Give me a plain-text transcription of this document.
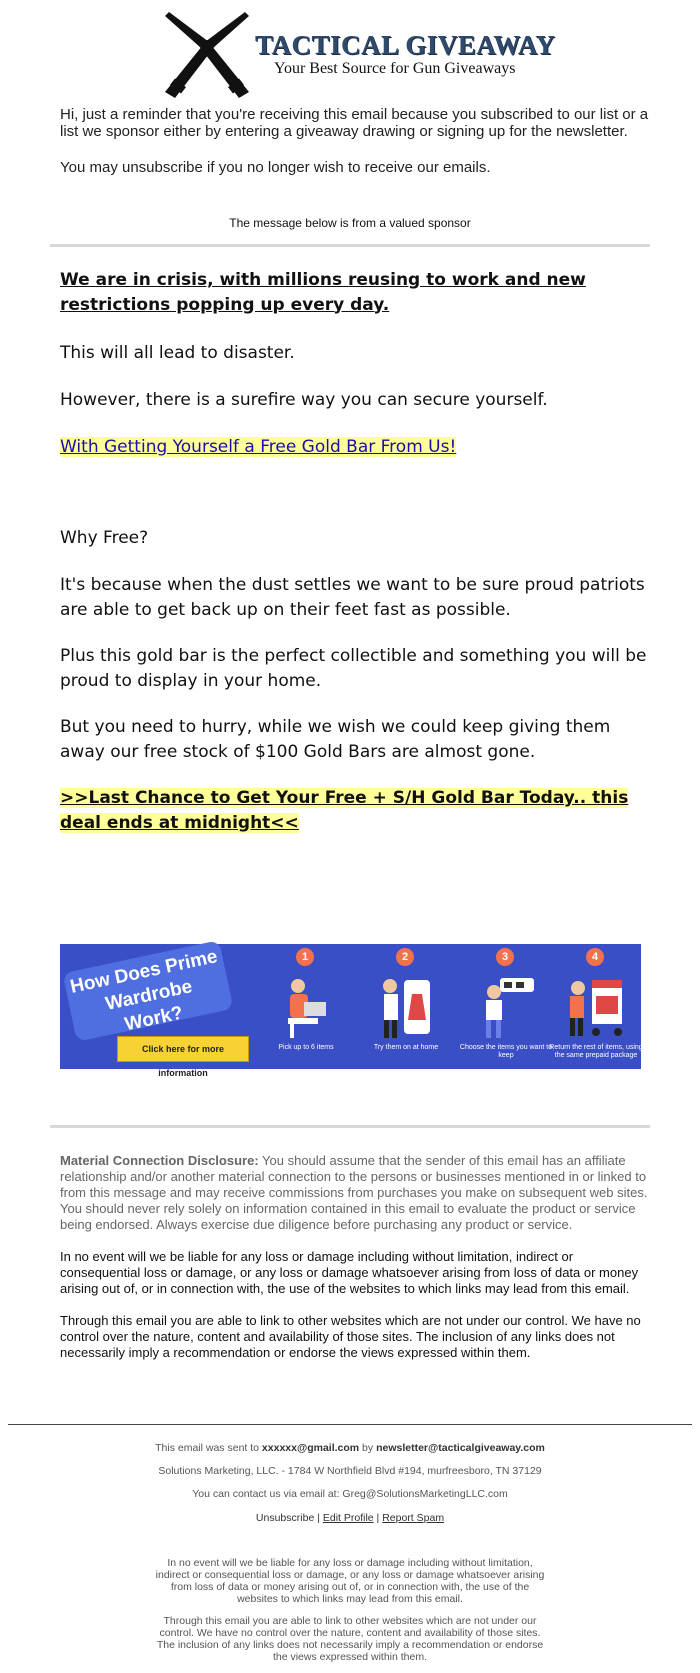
TACTICAL GIVEAWAY
Your Best Source for Gun Giveaways

Hi, just a reminder that you're receiving this email because you subscribed to our list or a list we sponsor either by entering a giveaway drawing or signing up for the newsletter.

You may unsubscribe if you no longer wish to receive our emails.

The message below is from a valued sponsor

We are in crisis, with millions reusing to work and new restrictions popping up every day.

This will all lead to disaster.

However, there is a surefire way you can secure yourself.

With Getting Yourself a Free Gold Bar From Us!

Why Free?

It's because when the dust settles we want to be sure proud patriots are able to get back up on their feet fast as possible.

Plus this gold bar is the perfect collectible and something you will be proud to display in your home.

But you need to hurry, while we wish we could keep giving them away our free stock of $100 Gold Bars are almost gone.

>>Last Chance to Get Your Free + S/H Gold Bar Today.. this deal ends at midnight<<

How Does Prime Wardrobe Work?
Click here for more information
1
Pick up to 6 items
2
Try them on at home
3
Choose the items you want to keep
4
Return the rest of items, using the same prepaid package

Material Connection Disclosure: You should assume that the sender of this email has an affiliate relationship and/or another material connection to the persons or businesses mentioned in or linked to from this message and may receive commissions from purchases you make on subsequent web sites. You should never rely solely on information contained in this email to evaluate the product or service being endorsed. Always exercise due diligence before purchasing any product or service.

In no event will we be liable for any loss or damage including without limitation, indirect or consequential loss or damage, or any loss or damage whatsoever arising from loss of data or money arising out of, or in connection with, the use of the websites to which links may lead from this email.

Through this email you are able to link to other websites which are not under our control. We have no control over the nature, content and availability of those sites. The inclusion of any links does not necessarily imply a recommendation or endorse the views expressed within them.

This email was sent to xxxxxx@gmail.com by newsletter@tacticalgiveaway.com
Solutions Marketing, LLC. - 1784 W Northfield Blvd #194, murfreesboro, TN 37129
You can contact us via email at: Greg@SolutionsMarketingLLC.com
Unsubscribe | Edit Profile | Report Spam
In no event will we be liable for any loss or damage including without limitation, indirect or consequential loss or damage, or any loss or damage whatsoever arising from loss of data or money arising out of, or in connection with, the use of the websites to which links may lead from this email.
Through this email you are able to link to other websites which are not under our control. We have no control over the nature, content and availability of those sites. The inclusion of any links does not necessarily imply a recommendation or endorse the views expressed within them.
